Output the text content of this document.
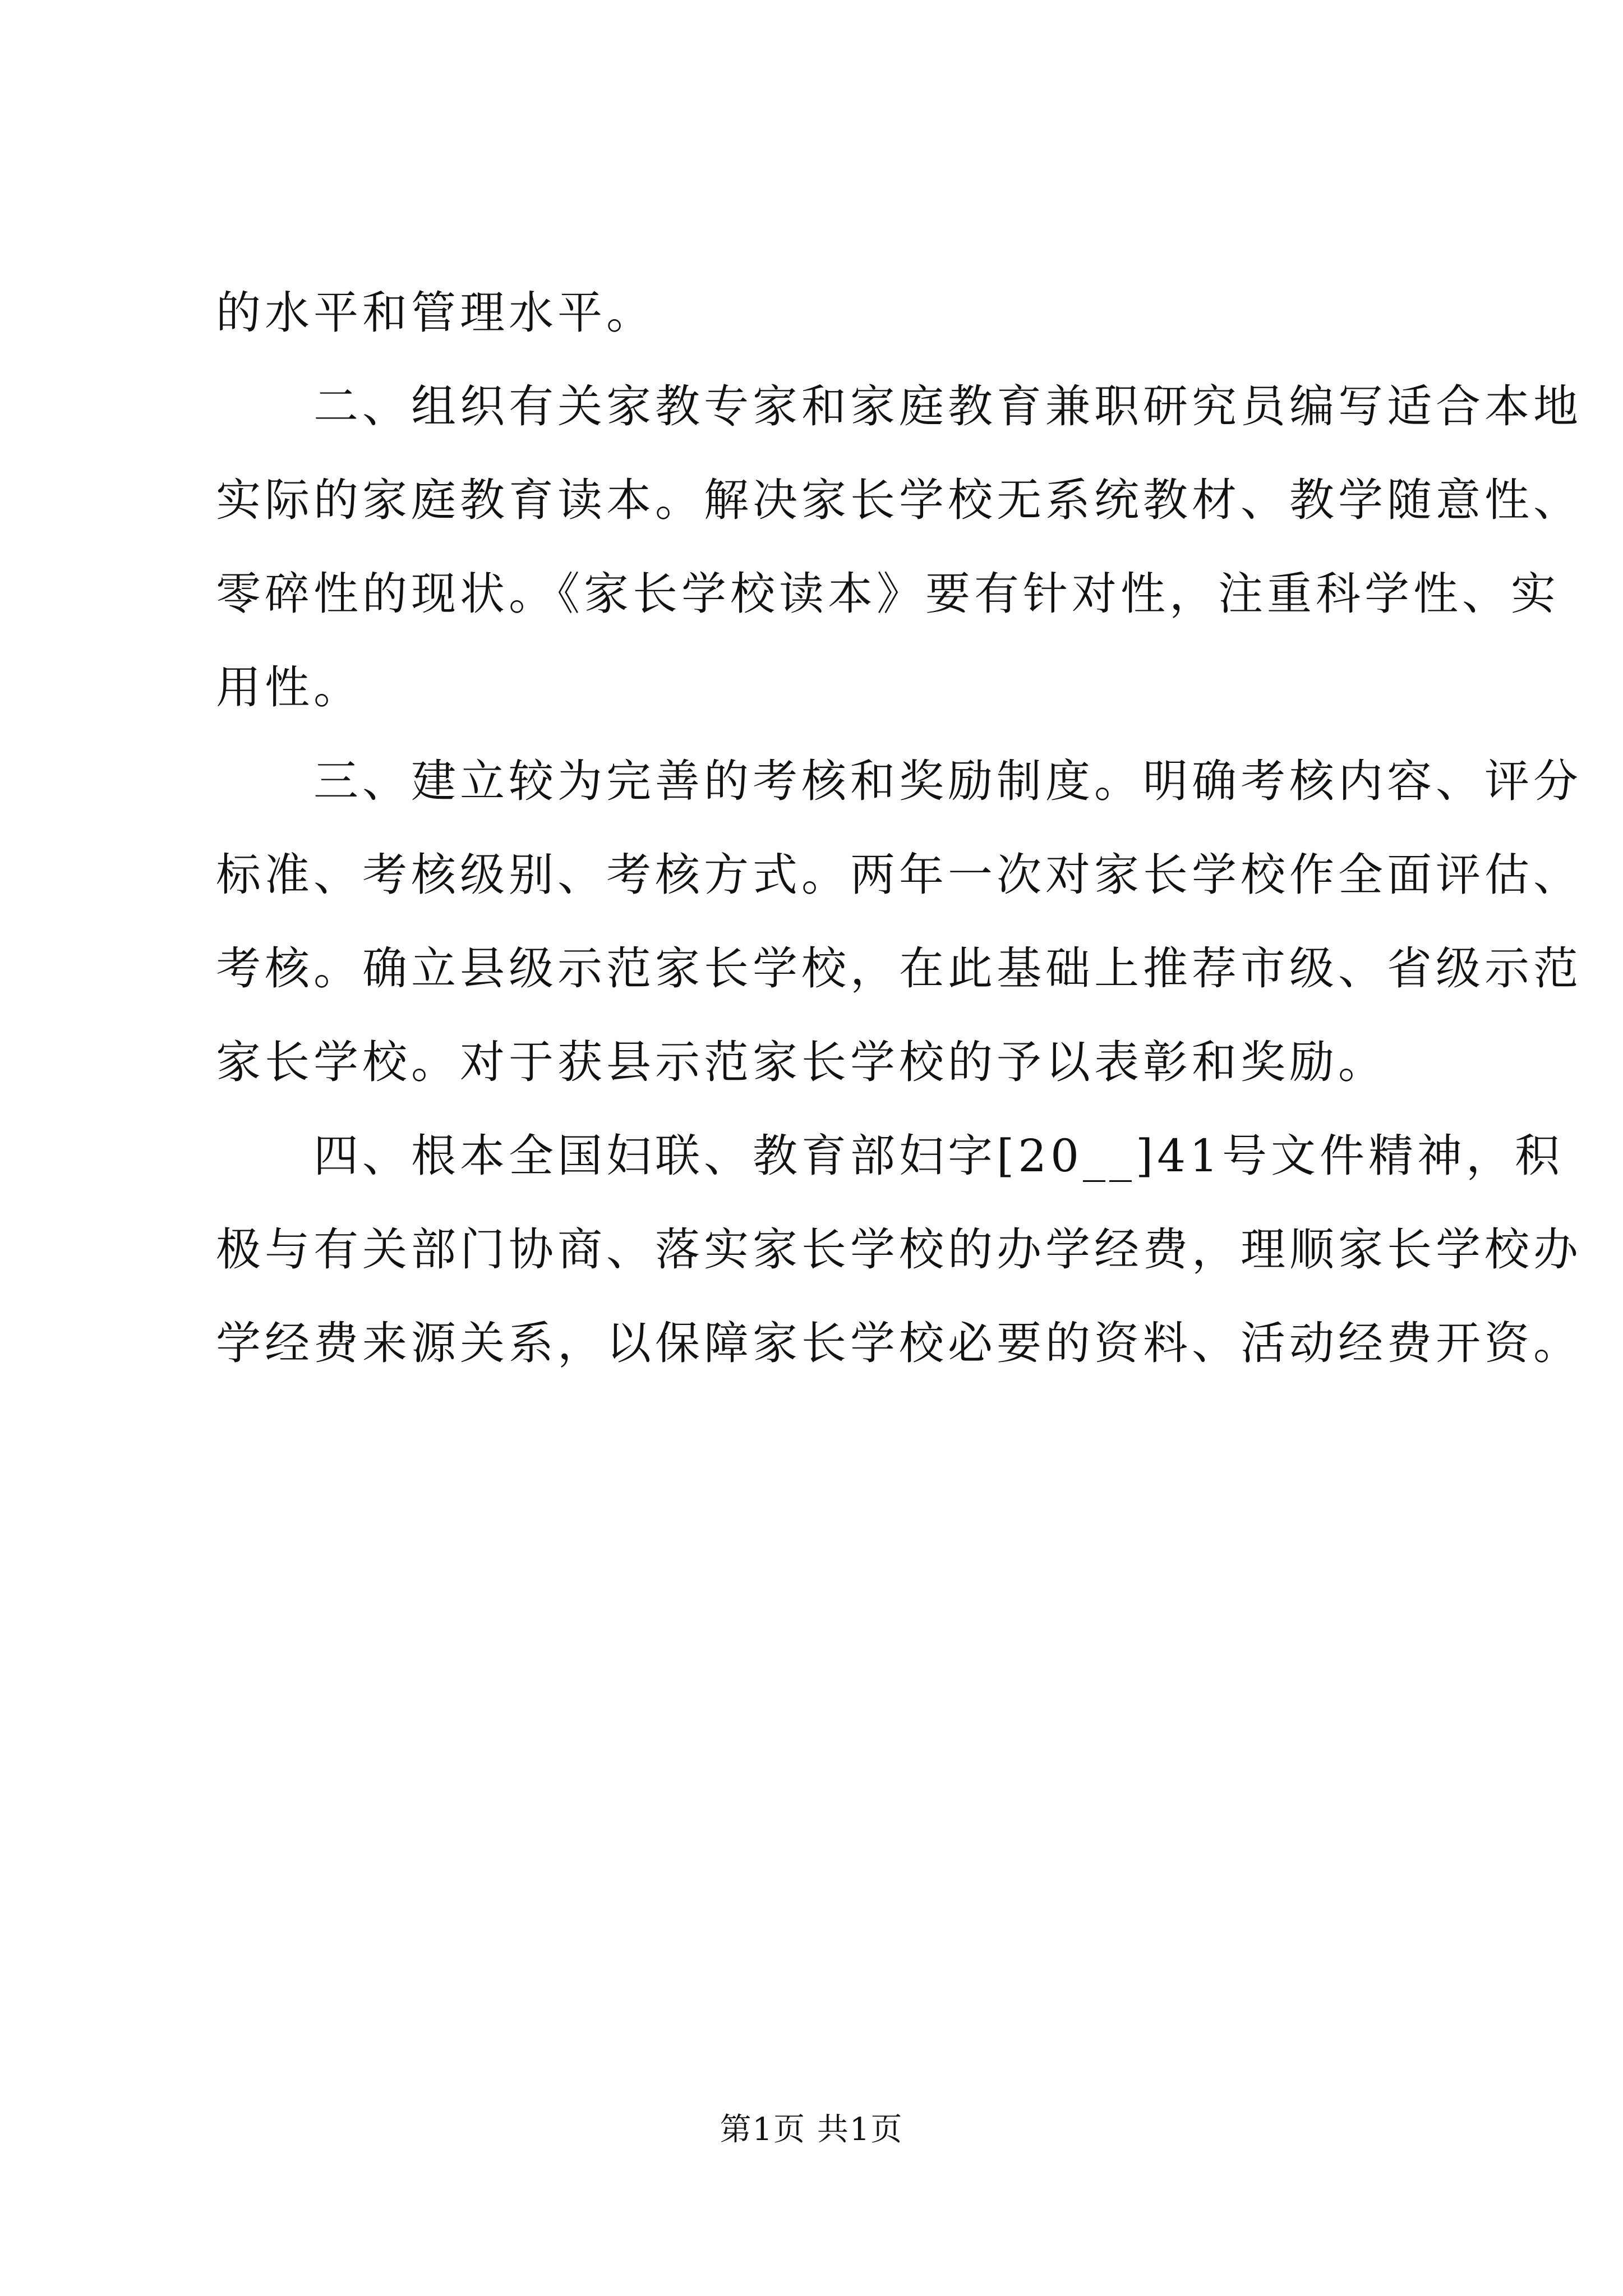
的水平和管理水平。

二、组织有关家教专家和家庭教育兼职研究员编写适合本地
实际的家庭教育读本。解决家长学校无系统教材、教学随意性、
零碎性的现状。《家长学校读本》要有针对性，注重科学性、实
用性。

三、建立较为完善的考核和奖励制度。明确考核内容、评分
标准、考核级别、考核方式。两年一次对家长学校作全面评估、
考核。确立县级示范家长学校，在此基础上推荐市级、省级示范
家长学校。对于获县示范家长学校的予以表彰和奖励。

四、根本全国妇联、教育部妇字[20__]41号文件精神，积
极与有关部门协商、落实家长学校的办学经费，理顺家长学校办
学经费来源关系，以保障家长学校必要的资料、活动经费开资。

第1页 共1页
